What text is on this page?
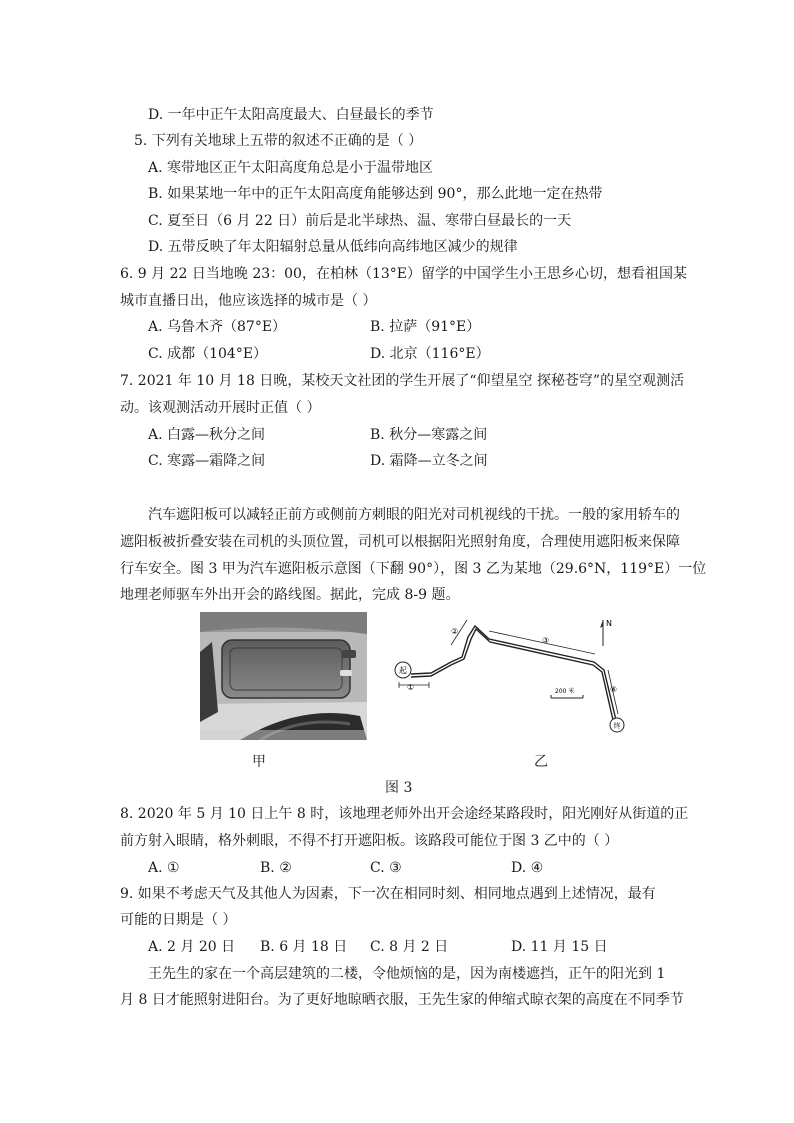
D. 一年中正午太阳高度最大、白昼最长的季节
5. 下列有关地球上五带的叙述不正确的是（ ）
A. 寒带地区正午太阳高度角总是小于温带地区
B. 如果某地一年中的正午太阳高度角能够达到 90°，那么此地一定在热带
C. 夏至日（6 月 22 日）前后是北半球热、温、寒带白昼最长的一天
D. 五带反映了年太阳辐射总量从低纬向高纬地区减少的规律
6. 9 月 22 日当地晚 23：00，在柏林（13°E）留学的中国学生小王思乡心切，想看祖国某
城市直播日出，他应该选择的城市是（ ）
A. 乌鲁木齐（87°E）	B. 拉萨（91°E）
C. 成都（104°E）	D. 北京（116°E）
7. 2021 年 10 月 18 日晚，某校天文社团的学生开展了“仰望星空 探秘苍穹”的星空观测活
动。该观测活动开展时正值（ ）
A. 白露—秋分之间	B. 秋分—寒露之间
C. 寒露—霜降之间	D. 霜降—立冬之间
汽车遮阳板可以减轻正前方或侧前方刺眼的阳光对司机视线的干扰。一般的家用轿车的
遮阳板被折叠安装在司机的头顶位置，司机可以根据阳光照射角度，合理使用遮阳板来保障
行车安全。图 3 甲为汽车遮阳板示意图（下翻 90°），图 3 乙为某地（29.6°N，119°E）一位
地理老师驱车外出开会的路线图。据此，完成 8-9 题。
甲
起
终
①
②
③
④
N
200 米
乙
图 3
8. 2020 年 5 月 10 日上午 8 时，该地理老师外出开会途经某路段时，阳光刚好从街道的正
前方射入眼睛，格外刺眼，不得不打开遮阳板。该路段可能位于图 3 乙中的（ ）
A. ①	B. ②	C. ③	D. ④
9. 如果不考虑天气及其他人为因素，下一次在相同时刻、相同地点遇到上述情况，最有
可能的日期是（ ）
A. 2 月 20 日 B. 6 月 18 日 C. 8 月 2 日	D. 11 月 15 日
王先生的家在一个高层建筑的二楼，令他烦恼的是，因为南楼遮挡，正午的阳光到 1
月 8 日才能照射进阳台。为了更好地晾晒衣服，王先生家的伸缩式晾衣架的高度在不同季节
